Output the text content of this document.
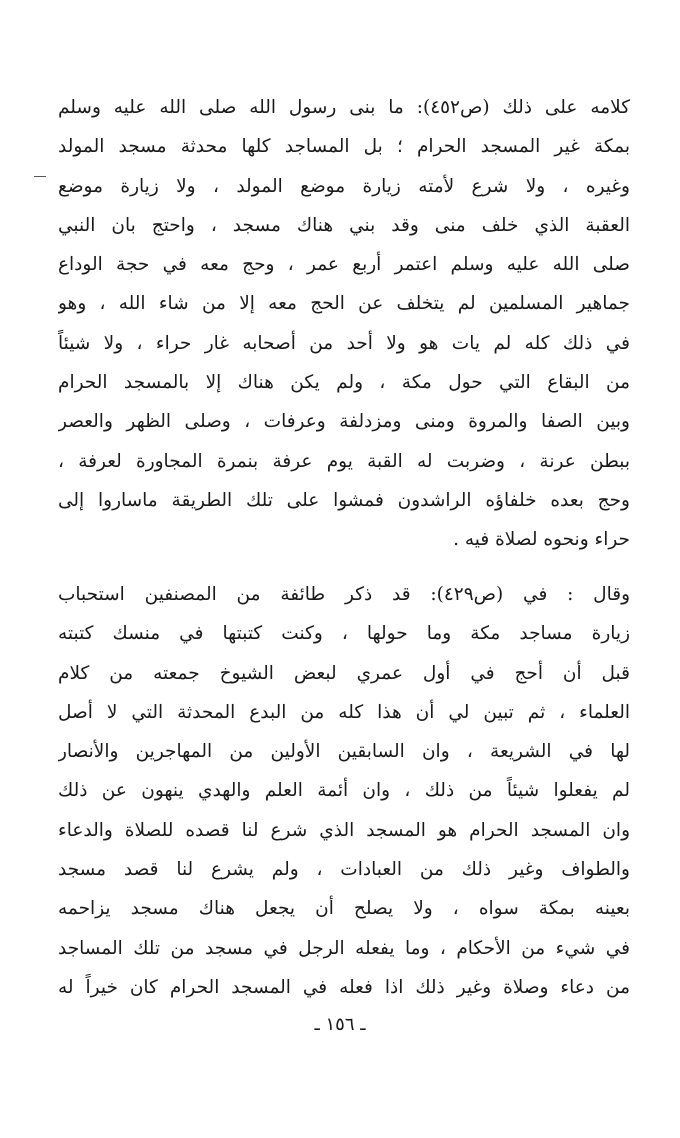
كلامه على ذلك (ص٤٥٢): ما بنى رسول الله صلى الله عليه وسلم
بمكة غير المسجد الحرام ؛ بل المساجد كلها محدثة مسجد المولد
وغيره ، ولا شرع لأمته زيارة موضع المولد ، ولا زيارة موضع
العقبة الذي خلف منى وقد بني هناك مسجد ، واحتج بان النبي
صلى الله عليه وسلم اعتمر أربع عمر ، وحج معه في حجة الوداع
جماهير المسلمين لم يتخلف عن الحج معه إلا من شاء الله ، وهو
في ذلك كله لم يات هو ولا أحد من أصحابه غار حراء ، ولا شيئاً
من البقاع التي حول مكة ، ولم يكن هناك إلا بالمسجد الحرام
وبين الصفا والمروة ومنى ومزدلفة وعرفات ، وصلى الظهر والعصر
ببطن عرنة ، وضربت له القبة يوم عرفة بنمرة المجاورة لعرفة ،
وحج بعده خلفاؤه الراشدون فمشوا على تلك الطريقة ماساروا إلى
حراء ونحوه لصلاة فيه .
وقال : في (ص٤٢٩): قد ذكر طائفة من المصنفين استحباب
زيارة مساجد مكة وما حولها ، وكنت كتبتها في منسك كتبته
قبل أن أحج في أول عمري لبعض الشيوخ جمعته من كلام
العلماء ، ثم تبين لي أن هذا كله من البدع المحدثة التي لا أصل
لها في الشريعة ، وان السابقين الأولين من المهاجرين والأنصار
لم يفعلوا شيئاً من ذلك ، وان أئمة العلم والهدي ينهون عن ذلك
وان المسجد الحرام هو المسجد الذي شرع لنا قصده للصلاة والدعاء
والطواف وغير ذلك من العبادات ، ولم يشرع لنا قصد مسجد
بعينه بمكة سواه ، ولا يصلح أن يجعل هناك مسجد يزاحمه
في شيء من الأحكام ، وما يفعله الرجل في مسجد من تلك المساجد
من دعاء وصلاة وغير ذلك اذا فعله في المسجد الحرام كان خيراً له
ـ ١٥٦ ـ
